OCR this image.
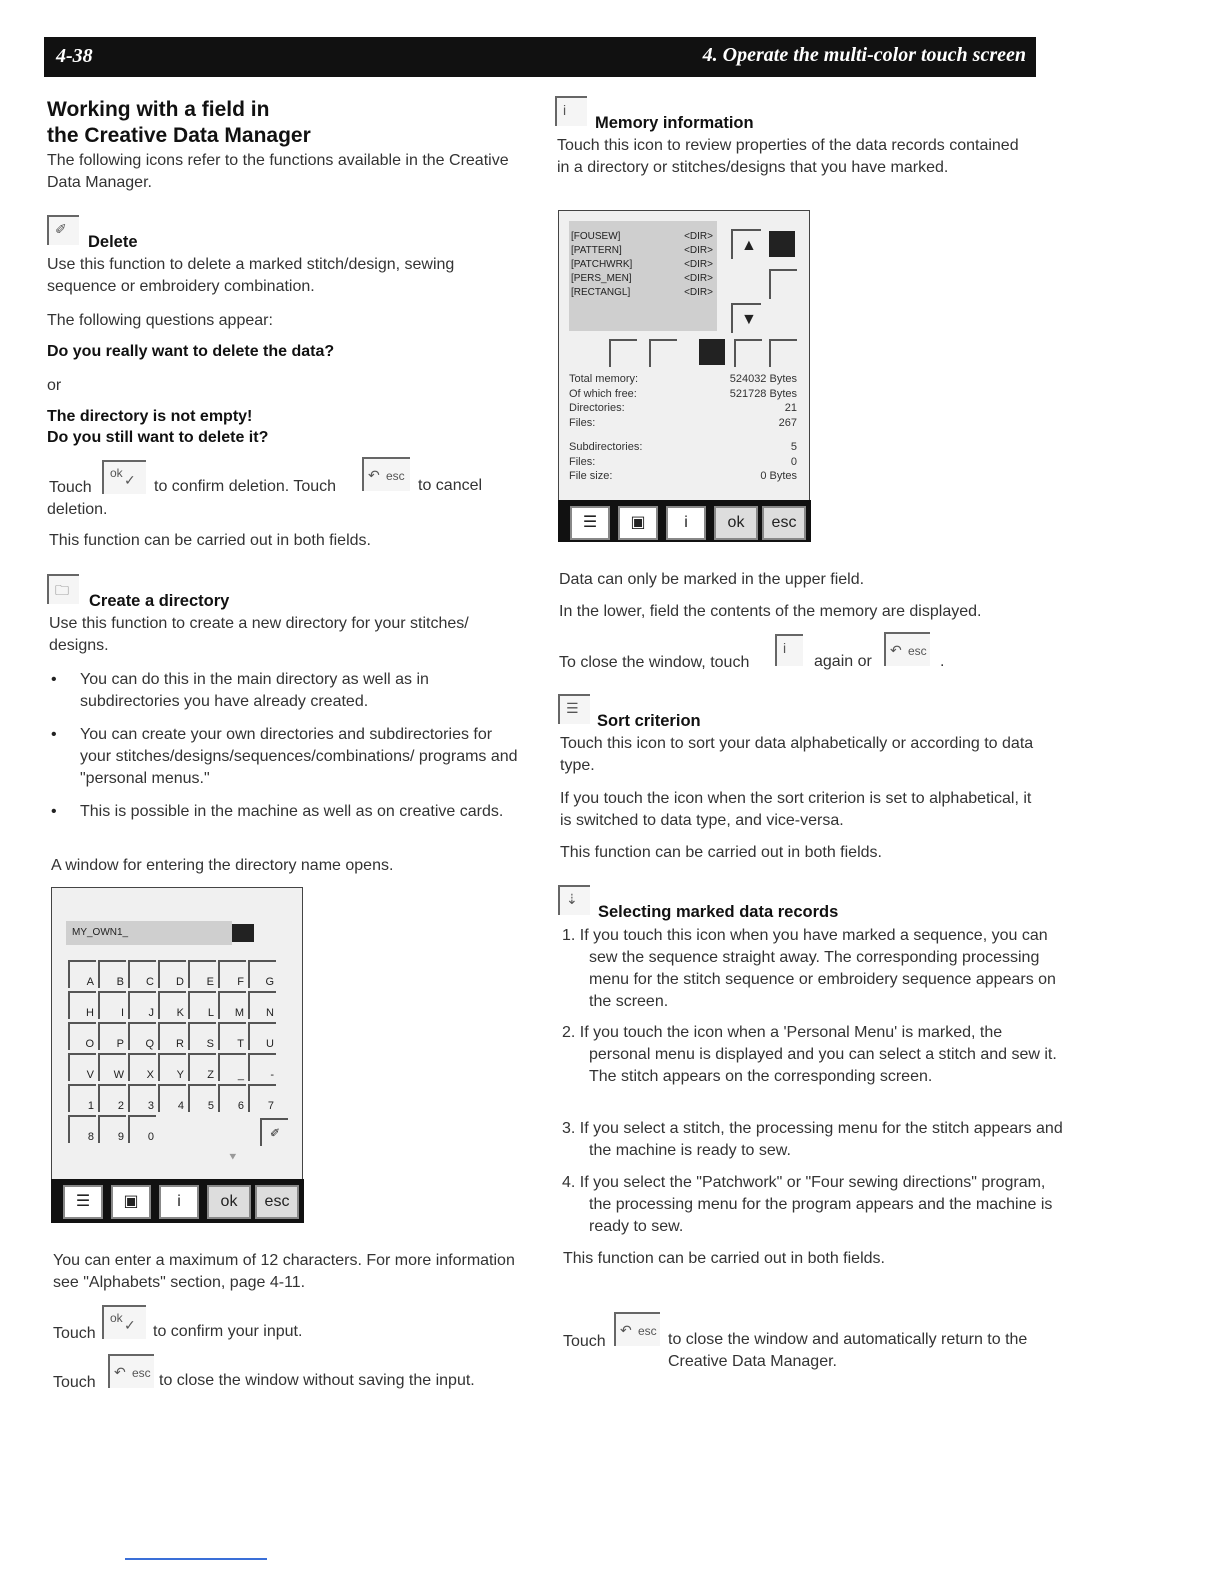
4-38	4. Operate the multi-color touch screen
Working with a field in
the Creative Data Manager
The following icons refer to the functions available in the Creative Data Manager.
✐
Delete
Use this function to delete a marked stitch/design, sewing sequence or embroidery combination.
The following questions appear:
Do you really want to delete the data?
or
The directory is not empty!
Do you still want to delete it?
Touch
ok ✓ to confirm deletion. Touch
↶ esc
to cancel
deletion.
This function can be carried out in both fields.
🗀
Create a directory
Use this function to create a new directory for your stitches/ designs.
• You can do this in the main directory as well as in subdirectories you have already created.
• You can create your own directories and subdirectories for your stitches/designs/sequences/combinations/ programs and "personal menus."
• This is possible in the machine as well as on creative cards.
A window for entering the directory name opens.
MY_OWN1_
A B C D E F G
H I J K L M N
O P Q R S T U
V W X Y Z _ -
1 2 3 4 5 6 7
8 9 0	✐
⯆
☰	▣	i	ok	esc
You can enter a maximum of 12 characters. For more information see "Alphabets" section, page 4-11.
Touch
ok ✓ to confirm your input.
Touch
↶ esc to close the window without saving the input.
i
Memory information
Touch this icon to review properties of the data records contained in a directory or stitches/designs that you have marked.
[FOUSEW]	<DIR>
[PATTERN]	<DIR>
[PATCHWRK]	<DIR>
[PERS_MEN]	<DIR>
[RECTANGL]	<DIR>
▲
▼
Total memory:	524032 Bytes
Of which free:	521728 Bytes
Directories:	21
Files:	267
Subdirectories:	5
Files:	0
File size:	0 Bytes
☰	▣	i	ok	esc
Data can only be marked in the upper field.
In the lower, field the contents of the memory are displayed.
To close the window, touch
i
again or
↶ esc
.
☰
Sort criterion
Touch this icon to sort your data alphabetically or according to data type.
If you touch the icon when the sort criterion is set to alphabetical, it is switched to data type, and vice-versa.
This function can be carried out in both fields.
⇣
Selecting marked data records
1. If you touch this icon when you have marked a sequence, you can sew the sequence straight away. The corresponding processing menu for the stitch sequence or embroidery sequence appears on the screen.
2. If you touch the icon when a 'Personal Menu' is marked, the personal menu is displayed and you can select a stitch and sew it. The stitch appears on the corresponding screen.
3. If you select a stitch, the processing menu for the stitch appears and the machine is ready to sew.
4. If you select the "Patchwork" or "Four sewing directions" program, the processing menu for the program appears and the machine is ready to sew.
This function can be carried out in both fields.
Touch
↶ esc to close the window and automatically return to the Creative Data Manager.
